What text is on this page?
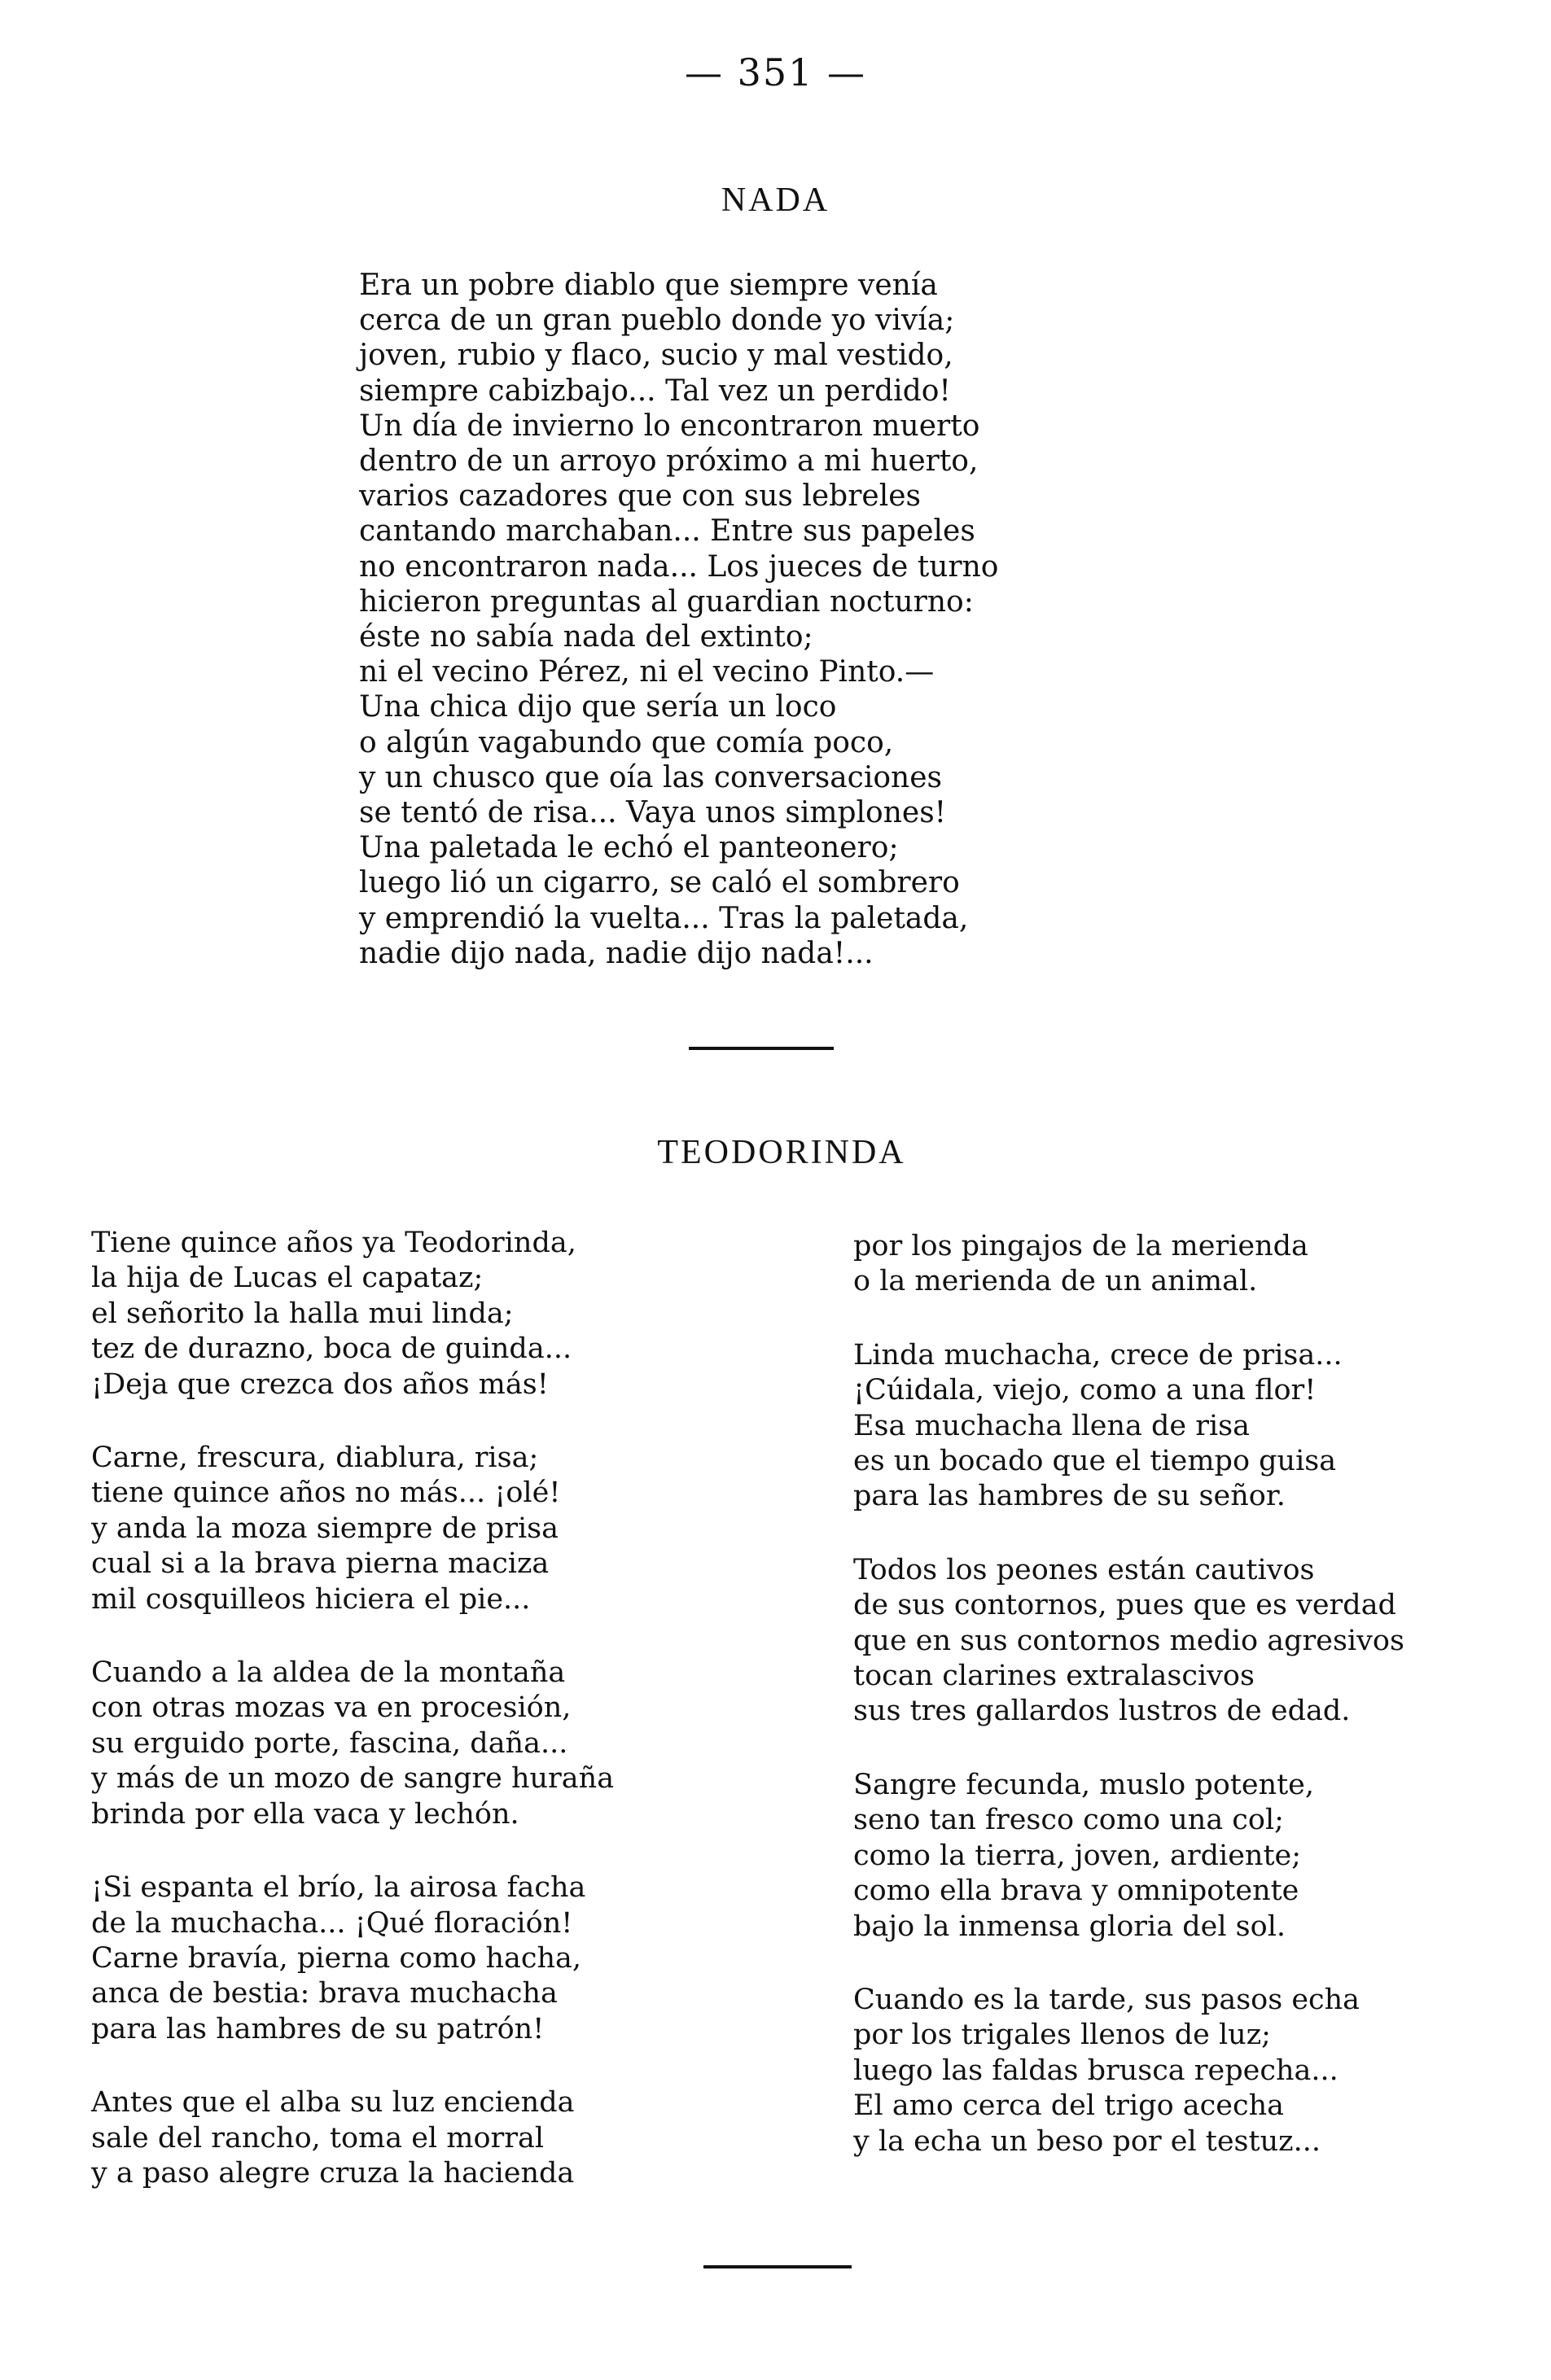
— 351 —
NADA
Era un pobre diablo que siempre venía
cerca de un gran pueblo donde yo vivía;
joven, rubio y flaco, sucio y mal vestido,
siempre cabizbajo... Tal vez un perdido!
Un día de invierno lo encontraron muerto
dentro de un arroyo próximo a mi huerto,
varios cazadores que con sus lebreles
cantando marchaban... Entre sus papeles
no encontraron nada... Los jueces de turno
hicieron preguntas al guardian nocturno:
éste no sabía nada del extinto;
ni el vecino Pérez, ni el vecino Pinto.—
Una chica dijo que sería un loco
o algún vagabundo que comía poco,
y un chusco que oía las conversaciones
se tentó de risa... Vaya unos simplones!
Una paletada le echó el panteonero;
luego lió un cigarro, se caló el sombrero
y emprendió la vuelta... Tras la paletada,
nadie dijo nada, nadie dijo nada!...
TEODORINDA
Tiene quince años ya Teodorinda,
la hija de Lucas el capataz;
el señorito la halla mui linda;
tez de durazno, boca de guinda...
¡Deja que crezca dos años más!
Carne, frescura, diablura, risa;
tiene quince años no más... ¡olé!
y anda la moza siempre de prisa
cual si a la brava pierna maciza
mil cosquilleos hiciera el pie...
Cuando a la aldea de la montaña
con otras mozas va en procesión,
su erguido porte, fascina, daña...
y más de un mozo de sangre huraña
brinda por ella vaca y lechón.
¡Si espanta el brío, la airosa facha
de la muchacha... ¡Qué floración!
Carne bravía, pierna como hacha,
anca de bestia: brava muchacha
para las hambres de su patrón!
Antes que el alba su luz encienda
sale del rancho, toma el morral
y a paso alegre cruza la hacienda
por los pingajos de la merienda
o la merienda de un animal.
Linda muchacha, crece de prisa...
¡Cúidala, viejo, como a una flor!
Esa muchacha llena de risa
es un bocado que el tiempo guisa
para las hambres de su señor.
Todos los peones están cautivos
de sus contornos, pues que es verdad
que en sus contornos medio agresivos
tocan clarines extralascivos
sus tres gallardos lustros de edad.
Sangre fecunda, muslo potente,
seno tan fresco como una col;
como la tierra, joven, ardiente;
como ella brava y omnipotente
bajo la inmensa gloria del sol.
Cuando es la tarde, sus pasos echa
por los trigales llenos de luz;
luego las faldas brusca repecha...
El amo cerca del trigo acecha
y la echa un beso por el testuz...
